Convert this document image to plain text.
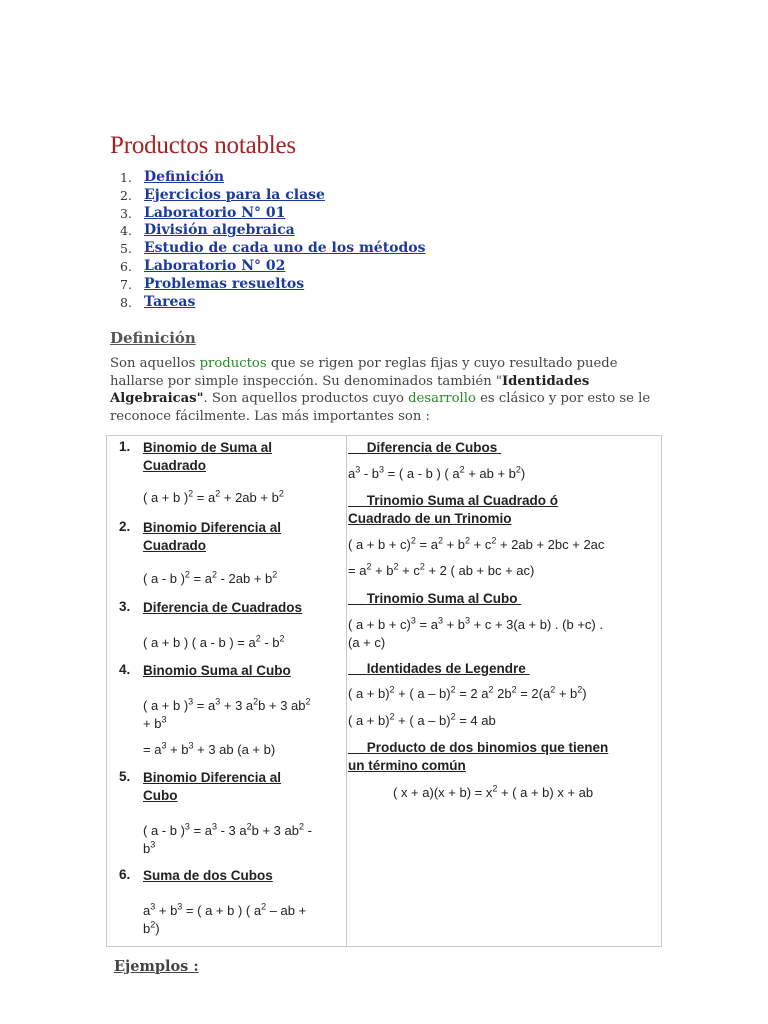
Productos notables
1. Definición
2. Ejercicios para la clase
3. Laboratorio N° 01
4. División algebraica
5. Estudio de cada uno de los métodos
6. Laboratorio N° 02
7. Problemas resueltos
8. Tareas
Definición
Son aquellos productos que se rigen por reglas fijas y cuyo resultado puede hallarse por simple inspección. Su denominados también "Identidades Algebraicas". Son aquellos productos cuyo desarrollo es clásico y por esto se le reconoce fácilmente. Las más importantes son :
1. Binomio de Suma al
Cuadrado
( a + b )$^2 = a^2 + 2ab + b^2$
2. Binomio Diferencia al
Cuadrado
( a - b )$^2 = a^2 - 2ab + b^2$
3. Diferencia de Cuadrados
( a + b ) ( a - b ) = $a^2 - b^2$
4. Binomio Suma al Cubo
( a + b )$^3 = a^3 + 3$ $a^2b + 3$ $ab^2$
+ $b^3$
= $a^3 + b^3 + 3$ ab (a + b)
5. Binomio Diferencia al
Cubo
( a - b )$^3 = a^3 - 3$ $a^2b + 3$ $ab^2$ -
$b^3$
6. Suma de dos Cubos
$a^3 + b^3$ = ( a + b ) ( $a^2$ – ab +
$b^2$)
Diferencia de Cubos
$a^3 - b^3$ = ( a - b ) ( $a^2$ + ab + $b^2$)
Trinomio Suma al Cuadrado ó
Cuadrado de un Trinomio
( $a + b + c)^2 = a^2 + b^2 + c^2 + 2ab + 2bc + 2ac$
= $a^2 + b^2 + c^2 + 2$ ( ab + bc + ac)
Trinomio Suma al Cubo
( $a + b + c)^3 = a^3 + b^3 + c + 3(a + b)$ . (b +c) .
(a + c)
Identidades de Legendre
( a + b)$^2$ + ( a – b)$^2$ = 2 $a^2$ $2b^2 = 2(a^2 + b^2)$
( a + b)$^2$ + ( a – b)$^2$ = 4 ab
Producto de dos binomios que tienen
un término común
( $x + a)(x + b) = x^2$ + ( a + b) x + ab
Ejemplos :
